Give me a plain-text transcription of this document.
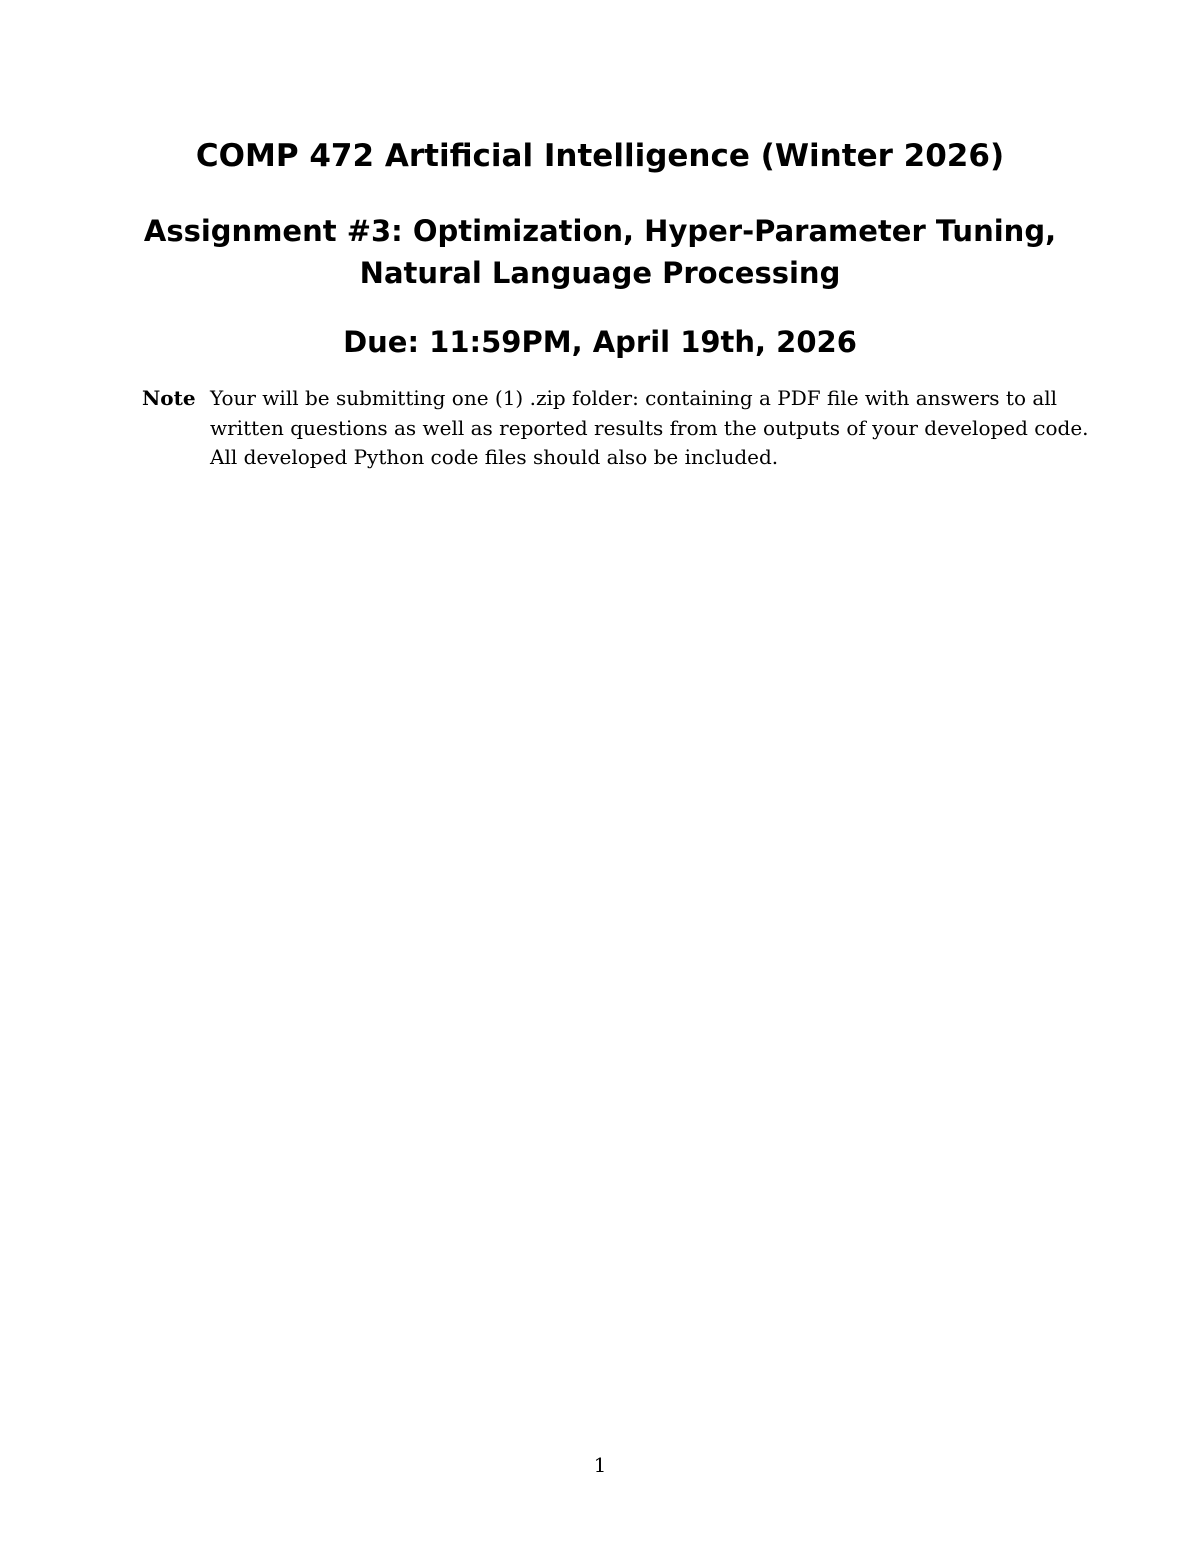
COMP 472 Artificial Intelligence (Winter 2026)
Assignment #3: Optimization, Hyper-Parameter Tuning,
Natural Language Processing
Due: 11:59PM, April 19th, 2026
Note Your will be submitting one (1) .zip folder: containing a PDF file with answers to all
written questions as well as reported results from the outputs of your developed code.
All developed Python code files should also be included.
1
